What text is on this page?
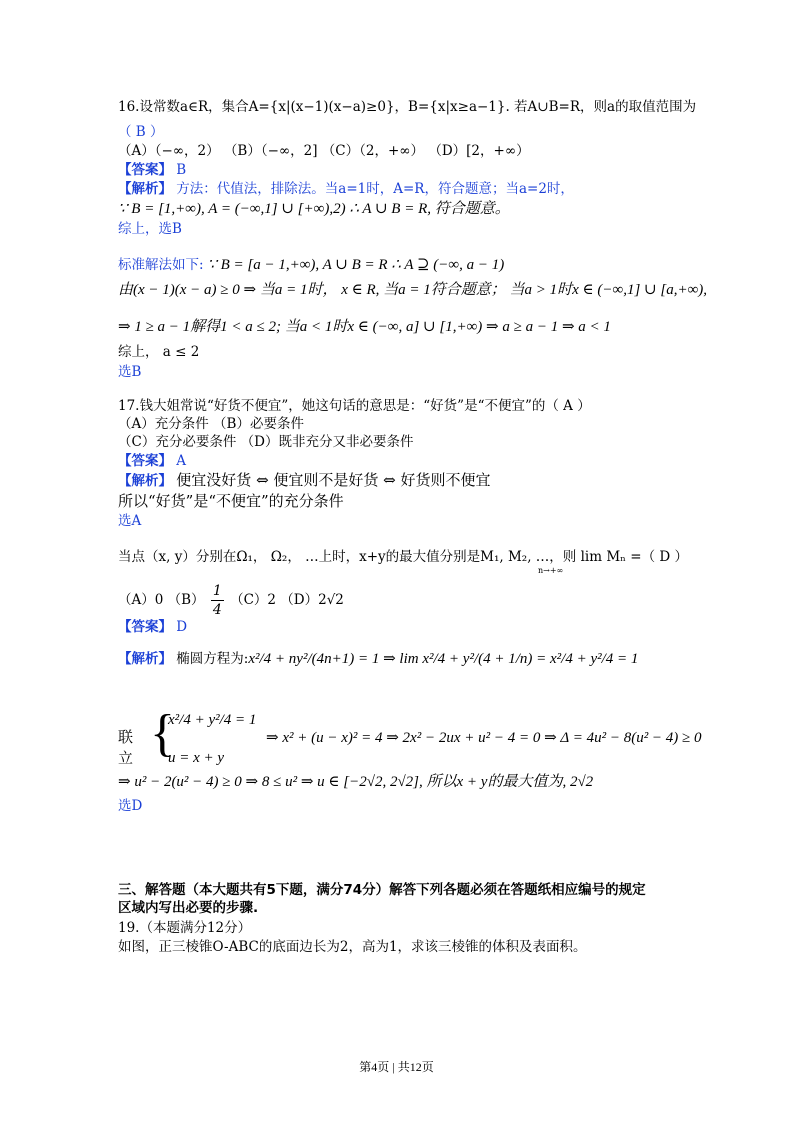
16.设常数a∈R，集合A={x|(x−1)(x−a)≥0}，B={x|x≥a−1}. 若A∪B=R，则a的取值范围为
（ B ）
（A）（−∞，2） （B）（−∞，2] （C）（2，+∞） （D）[2，+∞）
【答案】 B
【解析】 方法：代值法，排除法。当a=1时，A=R，符合题意；当a=2时，
∵ B = [1,+∞), A = (−∞,1] ∪ [+∞),2) ∴ A ∪ B = R, 符合题意。
综上，选B
标准解法如下: ∵ B = [a − 1,+∞), A ∪ B = R ∴ A ⊇ (−∞, a − 1)
由(x − 1)(x − a) ≥ 0 ⇒ 当a = 1时， x ∈ R, 当a = 1符合题意； 当a > 1时x ∈ (−∞,1] ∪ [a,+∞),
⇒ 1 ≥ a − 1解得1 < a ≤ 2; 当a < 1时x ∈ (−∞, a] ∪ [1,+∞) ⇒ a ≥ a − 1 ⇒ a < 1
综上， a ≤ 2
选B
17.钱大姐常说“好货不便宜”，她这句话的意思是：“好货”是“不便宜”的（ A ）
（A）充分条件 （B）必要条件
（C）充分必要条件 （D）既非充分又非必要条件
【答案】 A
【解析】 便宜没好货 ⇔ 便宜则不是好货 ⇔ 好货则不便宜
所以“好货”是“不便宜”的充分条件
选A
当点（x, y）分别在Ω₁， Ω₂， …上时，x+y的最大值分别是M₁, M₂, …，则 lim Mₙ =（ D ）
n→+∞
（A）0 $(B) \frac{1}{4} (C)2$ （D）2√2
【答案】 D
【解析】 椭圆方程为:x²/4 + ny²/(4n+1) = 1 ⇒ lim x²/4 + y²/(4 + 1/n) = x²/4 + y²/4 = 1
联立 {
x²/4 + y²/4 = 1
u = x + y
⇒ x² + (u − x)² = 4 ⇒ 2x² − 2ux + u² − 4 = 0 ⇒ Δ = 4u² − 8(u² − 4) ≥ 0
⇒ u² − 2(u² − 4) ≥ 0 ⇒ 8 ≤ u² ⇒ u ∈ [−2√2, 2√2], 所以x + y的最大值为, 2√2
选D
三、解答题（本大题共有5下题，满分74分）解答下列各题必须在答题纸相应编号的规定
区域内写出必要的步骤.
19.（本题满分12分）
如图，正三棱锥O-ABC的底面边长为2，高为1，求该三棱锥的体积及表面积。
第4页 | 共12页
